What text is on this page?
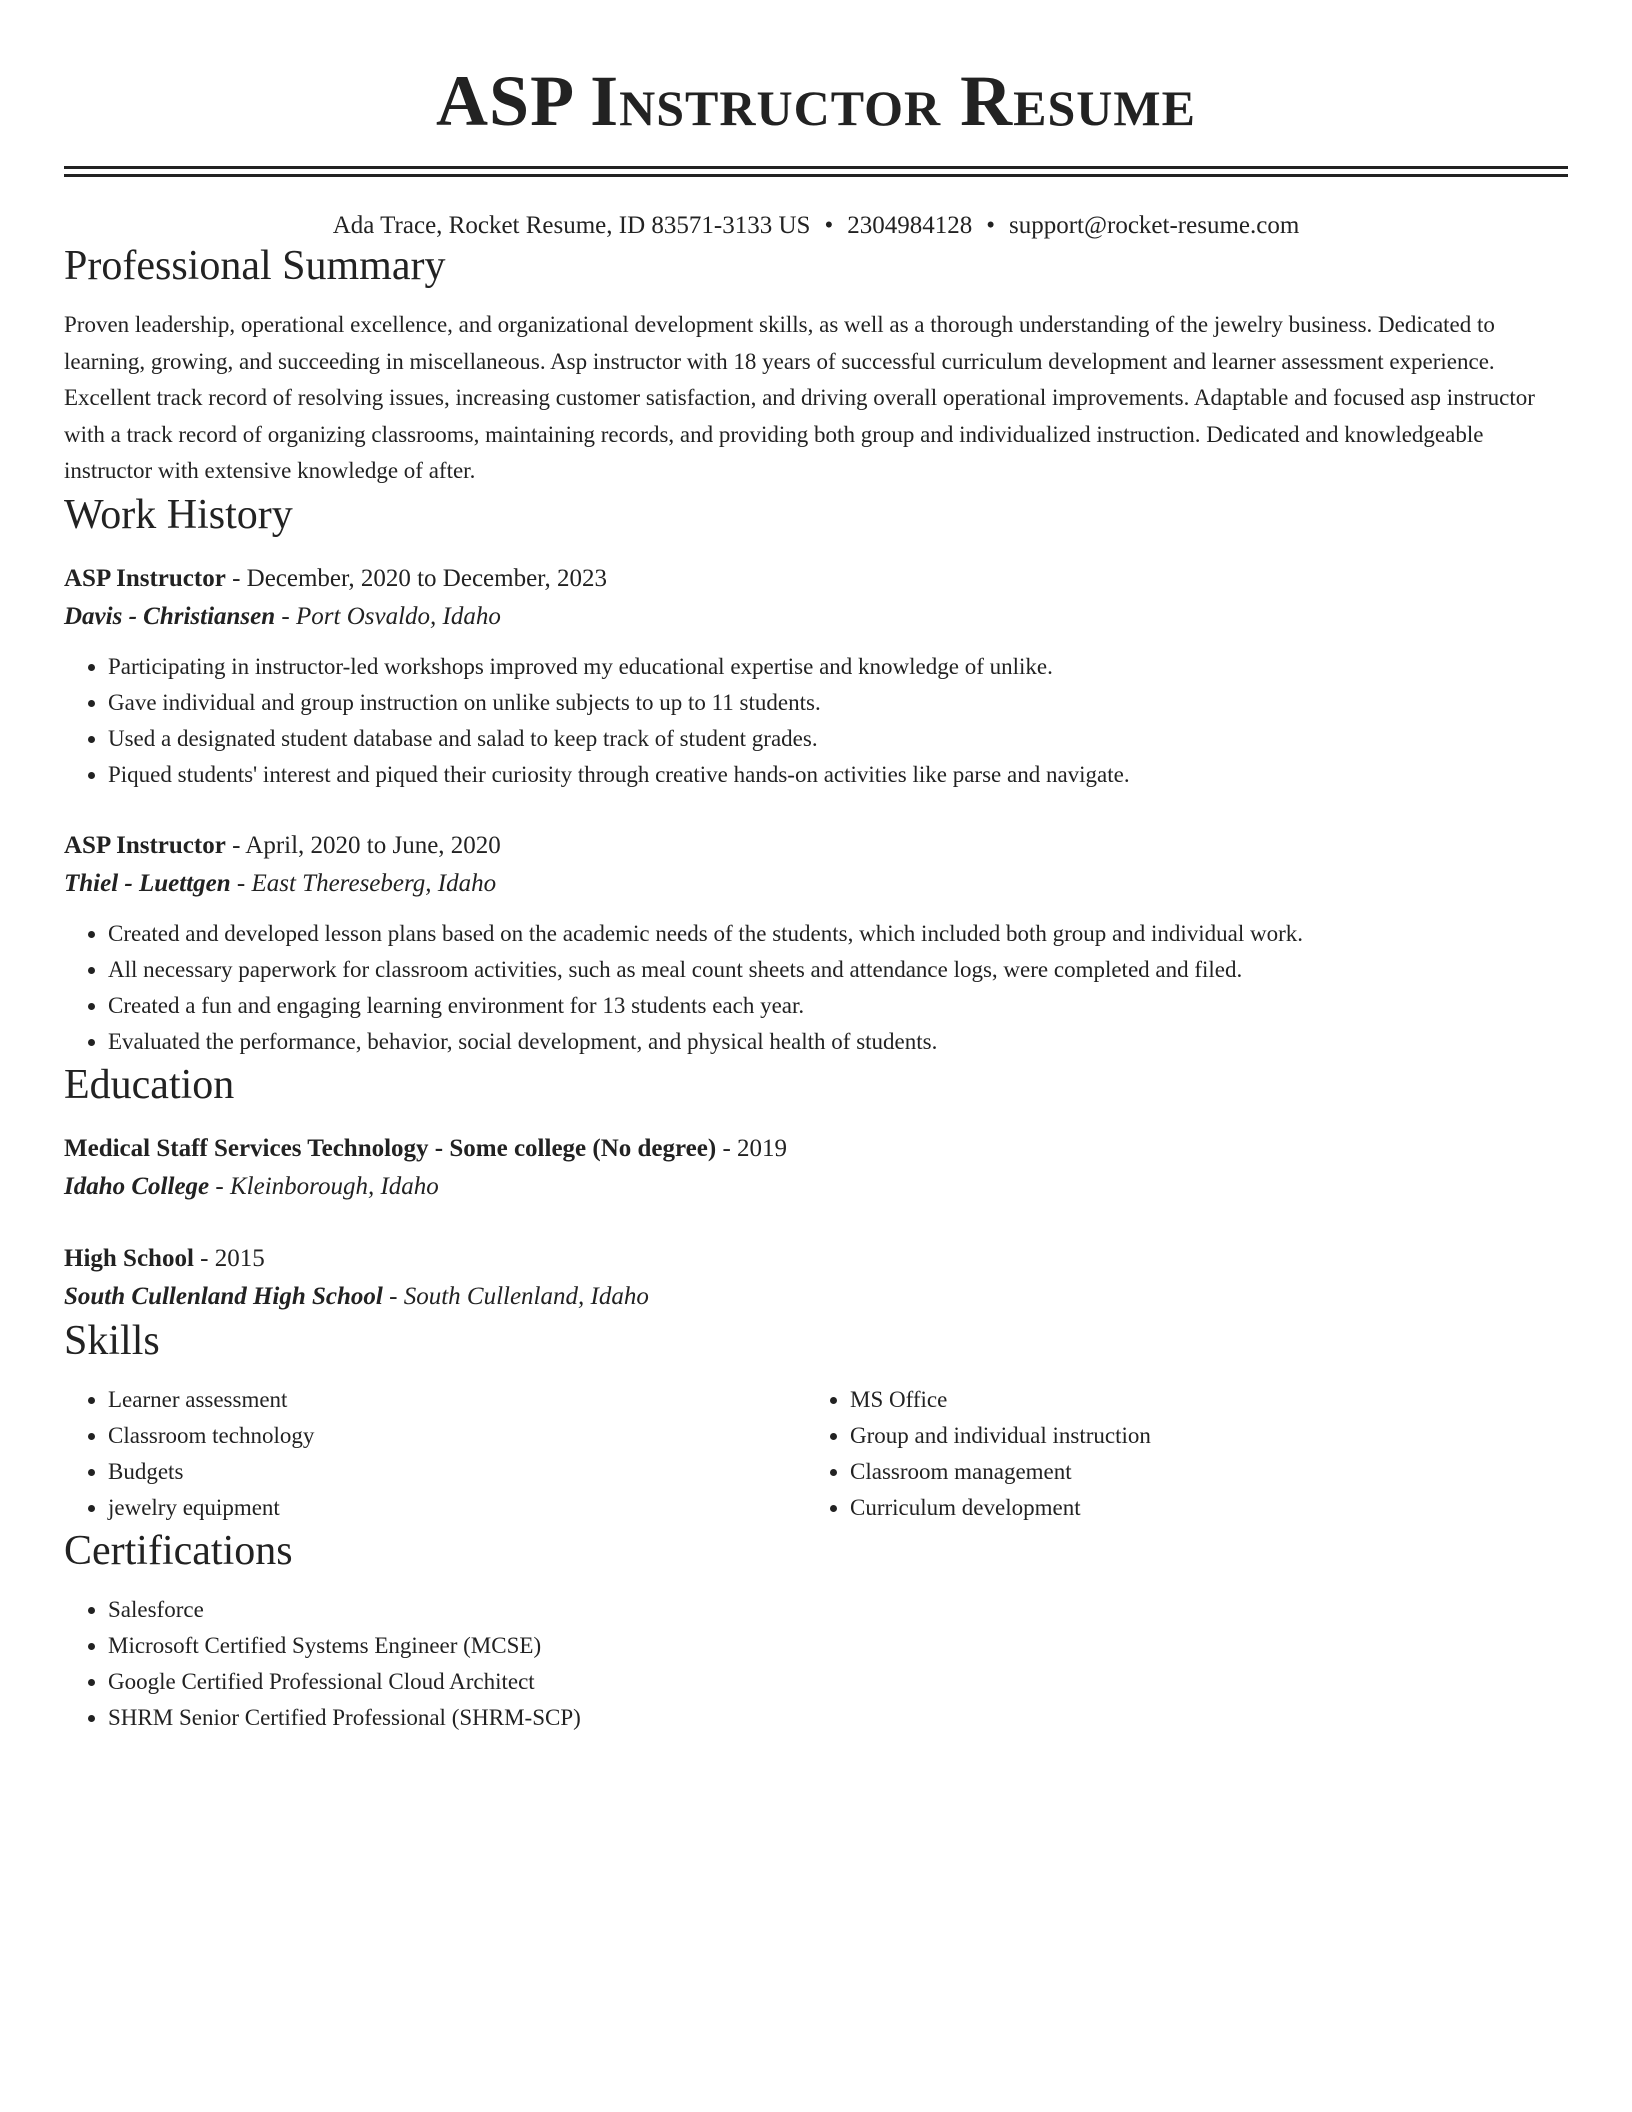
ASP Instructor Resume
Ada Trace, Rocket Resume, ID 83571-3133 US • 2304984128 • support@rocket-resume.com
Professional Summary
Proven leadership, operational excellence, and organizational development skills, as well as a thorough understanding of the jewelry business. Dedicated to learning, growing, and succeeding in miscellaneous. Asp instructor with 18 years of successful curriculum development and learner assessment experience. Excellent track record of resolving issues, increasing customer satisfaction, and driving overall operational improvements. Adaptable and focused asp instructor with a track record of organizing classrooms, maintaining records, and providing both group and individualized instruction. Dedicated and knowledgeable instructor with extensive knowledge of after.
Work History
ASP Instructor - December, 2020 to December, 2023
Davis - Christiansen - Port Osvaldo, Idaho
• Participating in instructor-led workshops improved my educational expertise and knowledge of unlike.
• Gave individual and group instruction on unlike subjects to up to 11 students.
• Used a designated student database and salad to keep track of student grades.
• Piqued students' interest and piqued their curiosity through creative hands-on activities like parse and navigate.
ASP Instructor - April, 2020 to June, 2020
Thiel - Luettgen - East Thereseberg, Idaho
• Created and developed lesson plans based on the academic needs of the students, which included both group and individual work.
• All necessary paperwork for classroom activities, such as meal count sheets and attendance logs, were completed and filed.
• Created a fun and engaging learning environment for 13 students each year.
• Evaluated the performance, behavior, social development, and physical health of students.
Education
Medical Staff Services Technology - Some college (No degree) - 2019
Idaho College - Kleinborough, Idaho
High School - 2015
South Cullenland High School - South Cullenland, Idaho
Skills
• Learner assessment
• Classroom technology
• Budgets
• jewelry equipment
• MS Office
• Group and individual instruction
• Classroom management
• Curriculum development
Certifications
• Salesforce
• Microsoft Certified Systems Engineer (MCSE)
• Google Certified Professional Cloud Architect
• SHRM Senior Certified Professional (SHRM-SCP)
